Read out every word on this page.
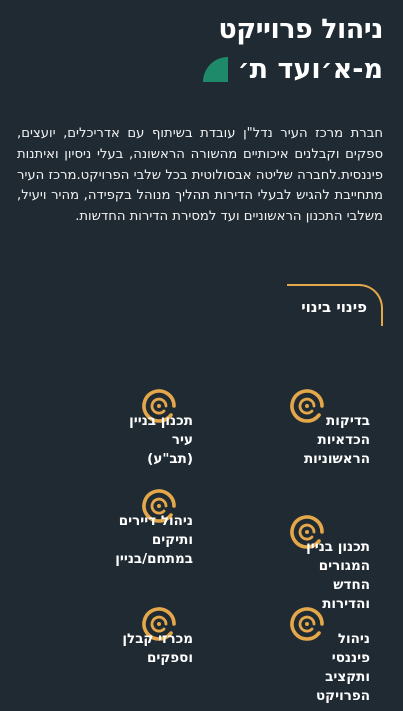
ניהול פרוייקט
מ-א׳ועד ת׳
חברת מרכז העיר נדל"ן עובדת בשיתוף עם אדריכלים, יועצים, ספקים וקבלנים איכותיים מהשורה הראשונה, בעלי ניסיון ואיתנות פיננסית.לחברה שליטה אבסולוטית בכל שלבי הפרויקט.מרכז העיר מתחייבת להגיש לבעלי הדירות תהליך מנוהל בקפידה, מהיר ויעיל, משלבי התכנון הראשוניים ועד למסירת הדירות החדשות.
פינוי בינוי
בדיקות
הכדאיות
הראשוניות
תכנון בניין
המגורים
החדש
והדירות
ניהול
פיננסי
ותקציב
הפרויקט
תכנון בניין
עיר
(תב"ע)
ניהול דיירים
ותיקים
במתחם/בניין
מכרזי קבלן
וספקים
